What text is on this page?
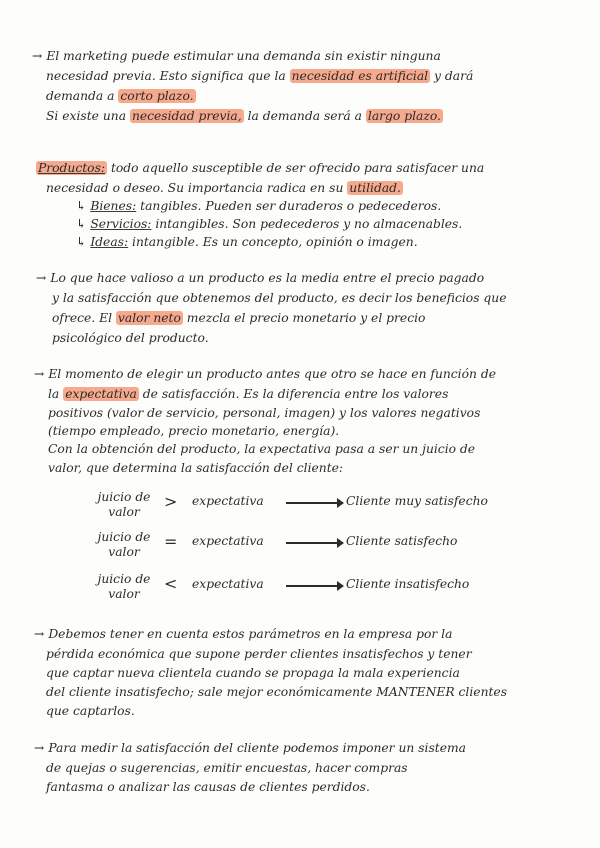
→ El marketing puede estimular una demanda sin existir ninguna
necesidad previa. Esto significa que la necesidad es artificial y dará
demanda a corto plazo.
Si existe una necesidad previa, la demanda será a largo plazo.
Productos: todo aquello susceptible de ser ofrecido para satisfacer una
necesidad o deseo. Su importancia radica en su utilidad.
↳ Bienes: tangibles. Pueden ser duraderos o pedecederos.
↳ Servicios: intangibles. Son pedecederos y no almacenables.
↳ Ideas: intangible. Es un concepto, opinión o imagen.
→ Lo que hace valioso a un producto es la media entre el precio pagado
y la satisfacción que obtenemos del producto, es decir los beneficios que
ofrece. El valor neto mezcla el precio monetario y el precio
psicológico del producto.
→ El momento de elegir un producto antes que otro se hace en función de
la expectativa de satisfacción. Es la diferencia entre los valores
positivos (valor de servicio, personal, imagen) y los valores negativos
(tiempo empleado, precio monetario, energía).
Con la obtención del producto, la expectativa pasa a ser un juicio de
valor, que determina la satisfacción del cliente:
juicio de
valor
> expectativa	Cliente muy satisfecho
juicio de
valor
= expectativa	Cliente satisfecho
juicio de
valor
< expectativa	Cliente insatisfecho
→ Debemos tener en cuenta estos parámetros en la empresa por la
pérdida económica que supone perder clientes insatisfechos y tener
que captar nueva clientela cuando se propaga la mala experiencia
del cliente insatisfecho; sale mejor económicamente MANTENER clientes
que captarlos.
→ Para medir la satisfacción del cliente podemos imponer un sistema
de quejas o sugerencias, emitir encuestas, hacer compras
fantasma o analizar las causas de clientes perdidos.
